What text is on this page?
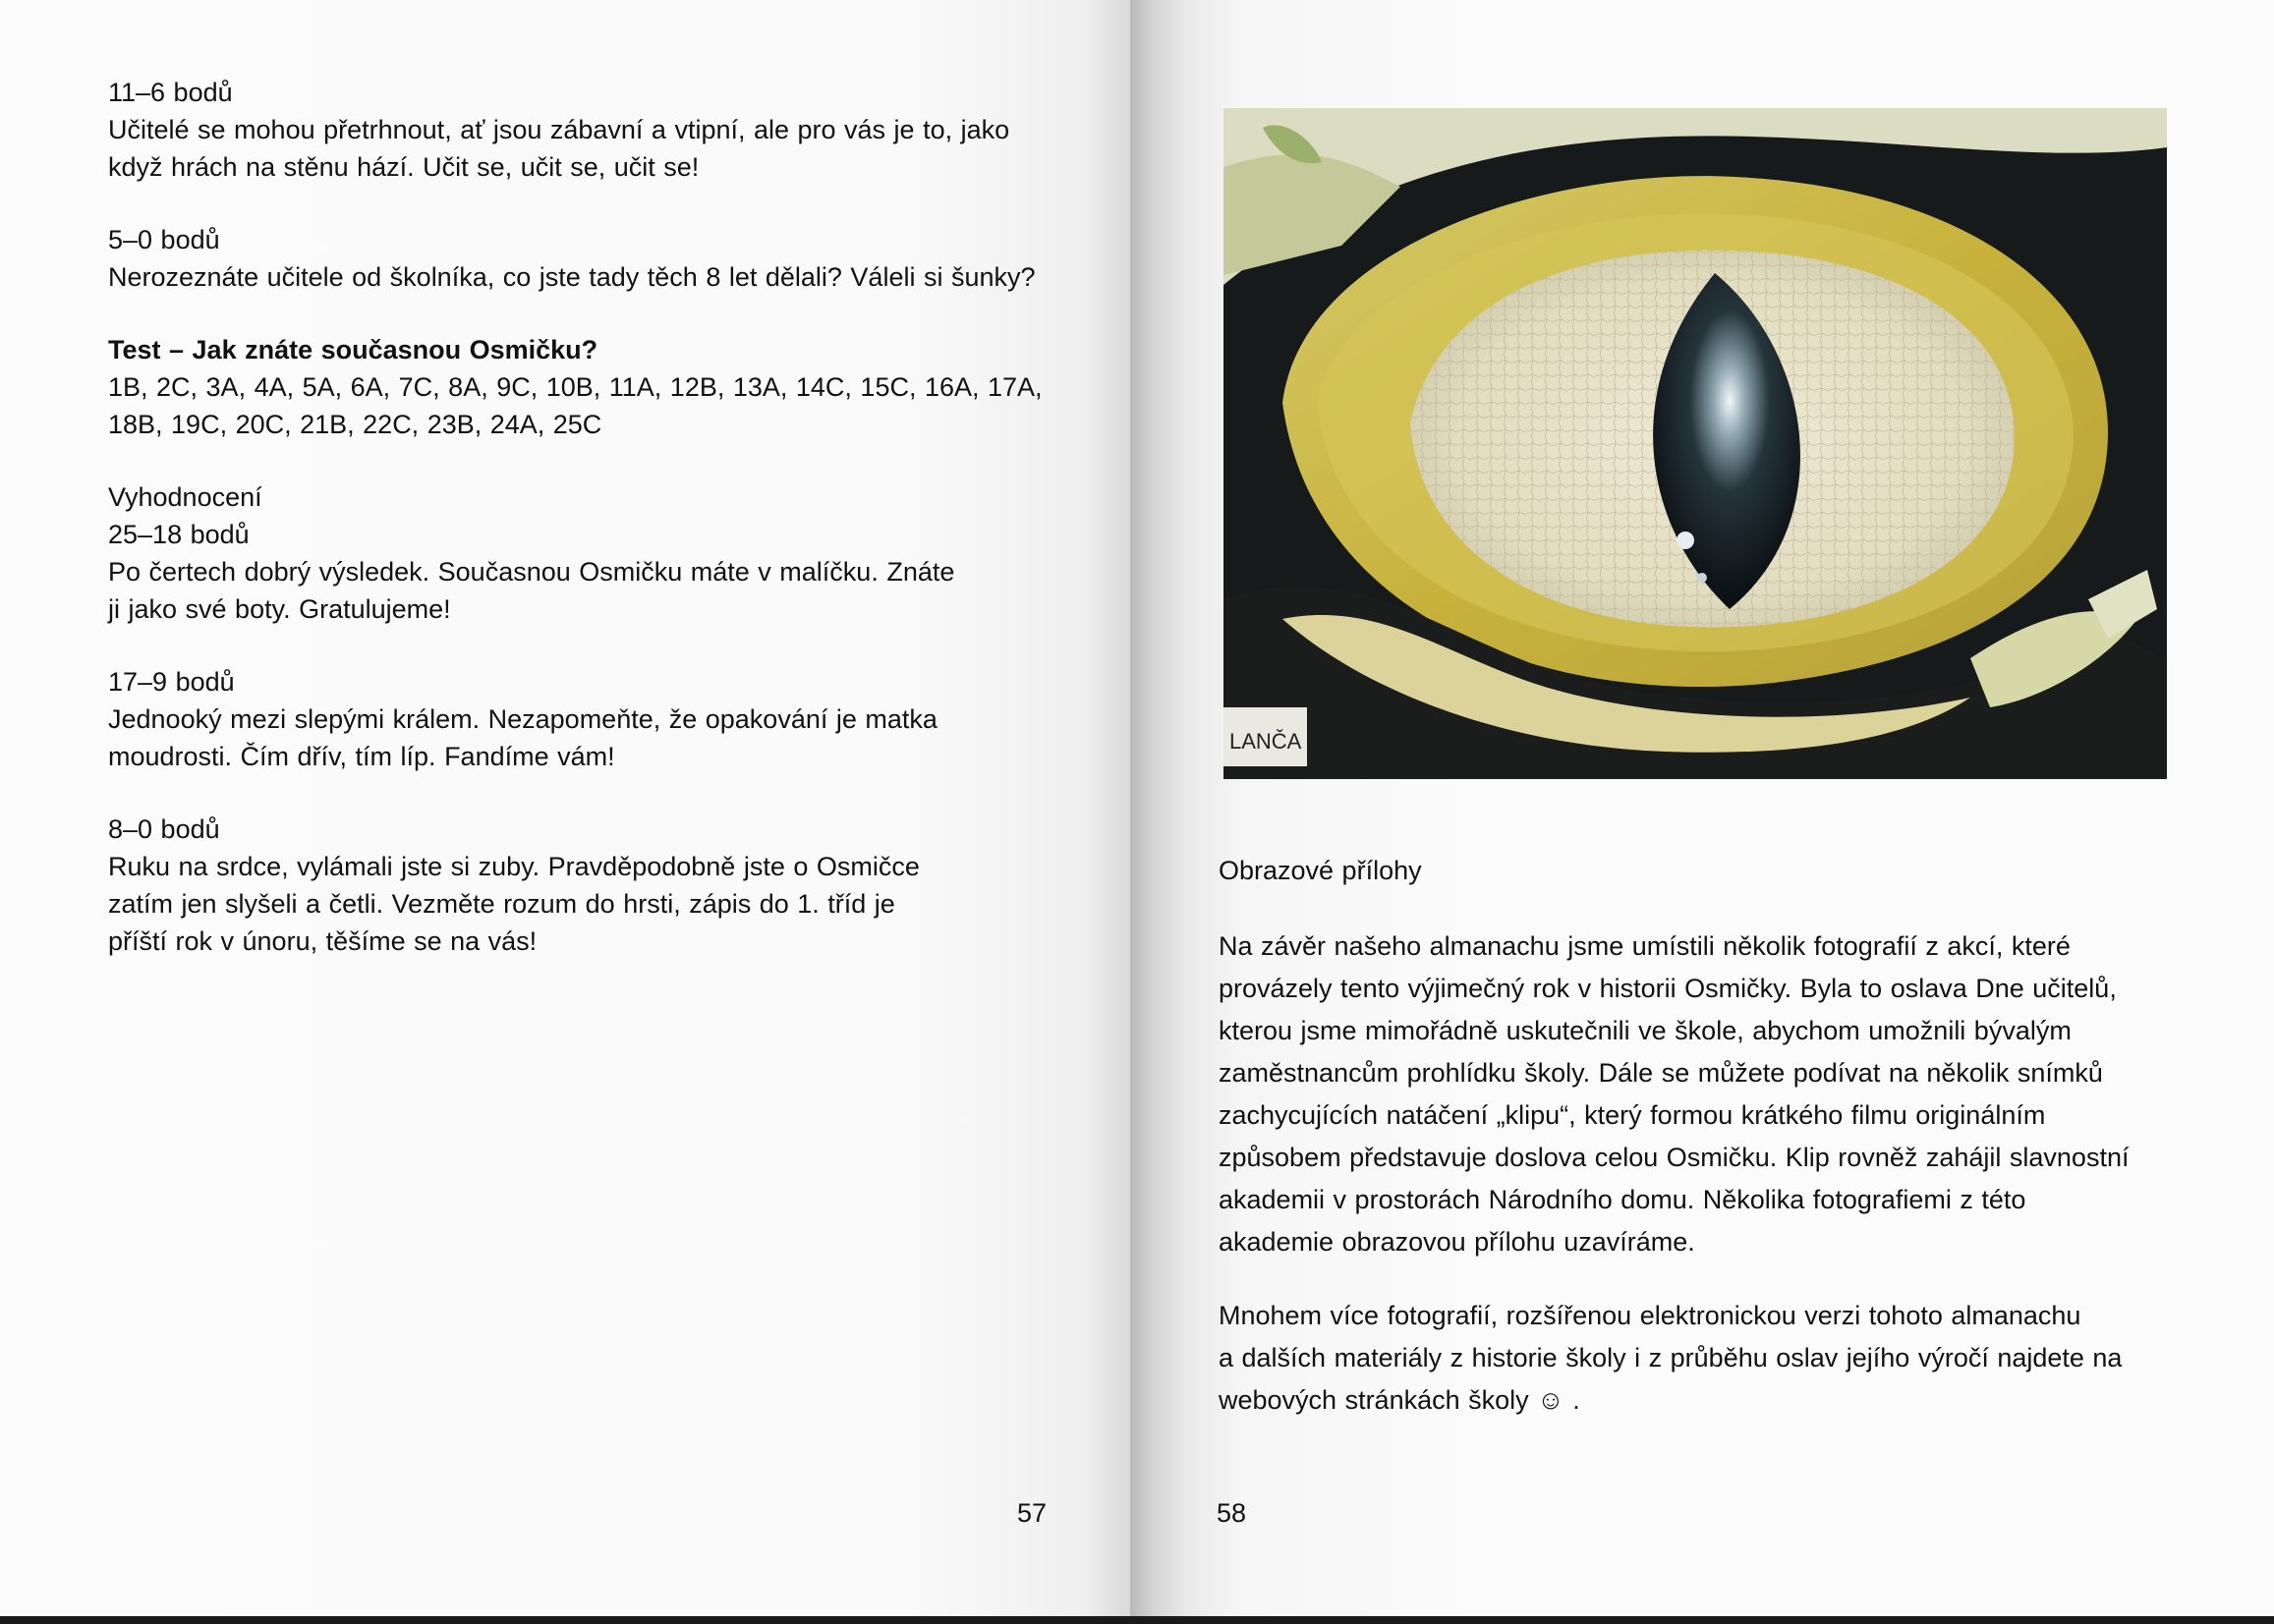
11–6 bodů

Učitelé se mohou přetrhnout, ať jsou zábavní a vtipní, ale pro vás je to, jako

když hrách na stěnu hází. Učit se, učit se, učit se!

5–0 bodů

Nerozeznáte učitele od školníka, co jste tady těch 8 let dělali? Váleli si šunky?

Test – Jak znáte současnou Osmičku?

1B, 2C, 3A, 4A, 5A, 6A, 7C, 8A, 9C, 10B, 11A, 12B, 13A, 14C, 15C, 16A, 17A,

18B, 19C, 20C, 21B, 22C, 23B, 24A, 25C

Vyhodnocení

25–18 bodů

Po čertech dobrý výsledek. Současnou Osmičku máte v malíčku. Znáte

ji jako své boty. Gratulujeme!

17–9 bodů

Jednooký mezi slepými králem. Nezapomeňte, že opakování je matka

moudrosti. Čím dřív, tím líp. Fandíme vám!

8–0 bodů

Ruku na srdce, vylámali jste si zuby. Pravděpodobně jste o Osmičce

zatím jen slyšeli a četli. Vezměte rozum do hrsti, zápis do 1. tříd je

příští rok v únoru, těšíme se na vás!

57
LANČA

Obrazové přílohy

Na závěr našeho almanachu jsme umístili několik fotografií z akcí, které
provázely tento výjimečný rok v historii Osmičky. Byla to oslava Dne učitelů,
kterou jsme mimořádně uskutečnili ve škole, abychom umožnili bývalým
zaměstnancům prohlídku školy. Dále se můžete podívat na několik snímků
zachycujících natáčení „klipu“, který formou krátkého filmu originálním
způsobem představuje doslova celou Osmičku. Klip rovněž zahájil slavnostní
akademii v prostorách Národního domu. Několika fotografiemi z této
akademie obrazovou přílohu uzavíráme.

Mnohem více fotografií, rozšířenou elektronickou verzi tohoto almanachu
a dalších materiály z historie školy i z průběhu oslav jejího výročí najdete na
webových stránkách školy ☺ .

58
